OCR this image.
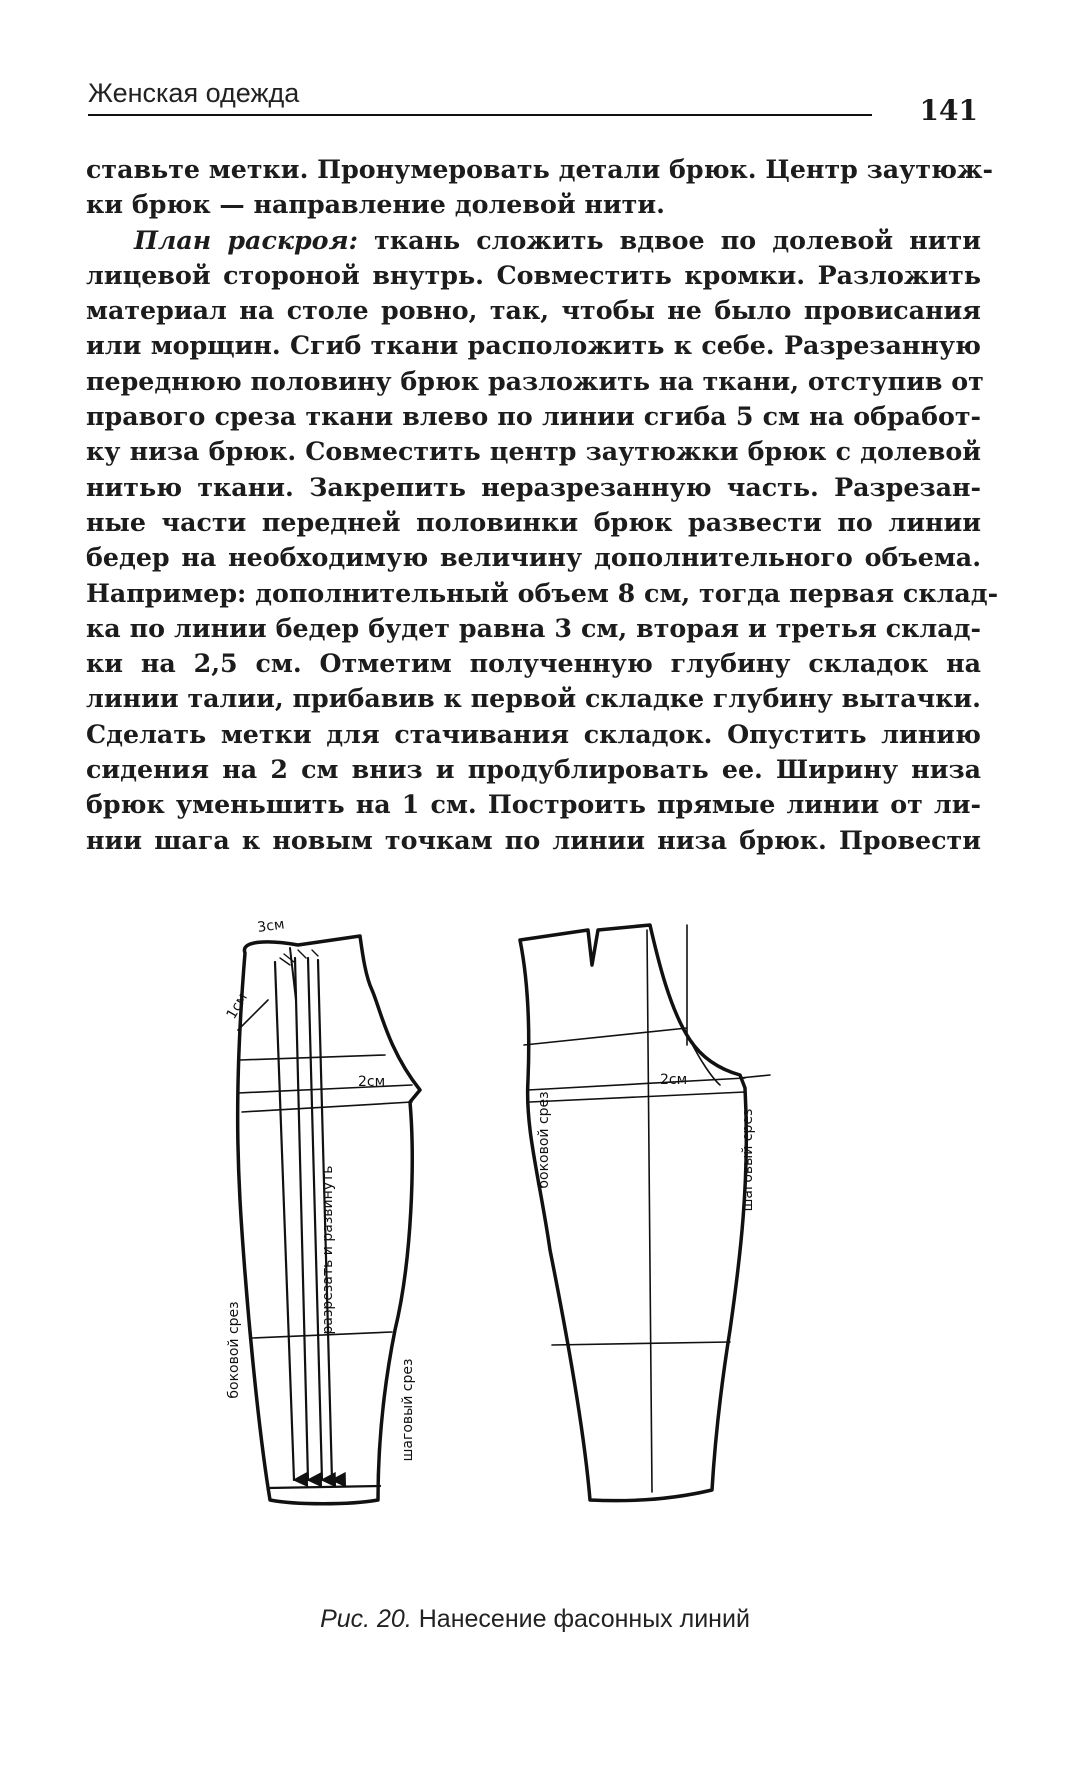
Женская одежда
141
ставьте метки. Пронумеровать детали брюк. Центр заутюж-
ки брюк — направление долевой нити.
План раскроя: ткань сложить вдвое по долевой нити
лицевой стороной внутрь. Совместить кромки. Разложить
материал на столе ровно, так, чтобы не было провисания
или морщин. Сгиб ткани расположить к себе. Разрезанную
переднюю половину брюк разложить на ткани, отступив от
правого среза ткани влево по линии сгиба 5 см на обработ-
ку низа брюк. Совместить центр заутюжки брюк с долевой
нитью ткани. Закрепить неразрезанную часть. Разрезан-
ные части передней половинки брюк развести по линии
бедер на необходимую величину дополнительного объема.
Например: дополнительный объем 8 см, тогда первая склад-
ка по линии бедер будет равна 3 см, вторая и третья склад-
ки на 2,5 см. Отметим полученную глубину складок на
линии талии, прибавив к первой складке глубину вытачки.
Сделать метки для стачивания складок. Опустить линию
сидения на 2 см вниз и продублировать ее. Ширину низа
брюк уменьшить на 1 см. Построить прямые линии от ли-
нии шага к новым точкам по линии низа брюк. Провести
3см
1см
2см
боковой срез
разрезать и развинуть
шаговый срез
2см
боковой срез	шаговый срез
Рис. 20. Нанесение фасонных линий
